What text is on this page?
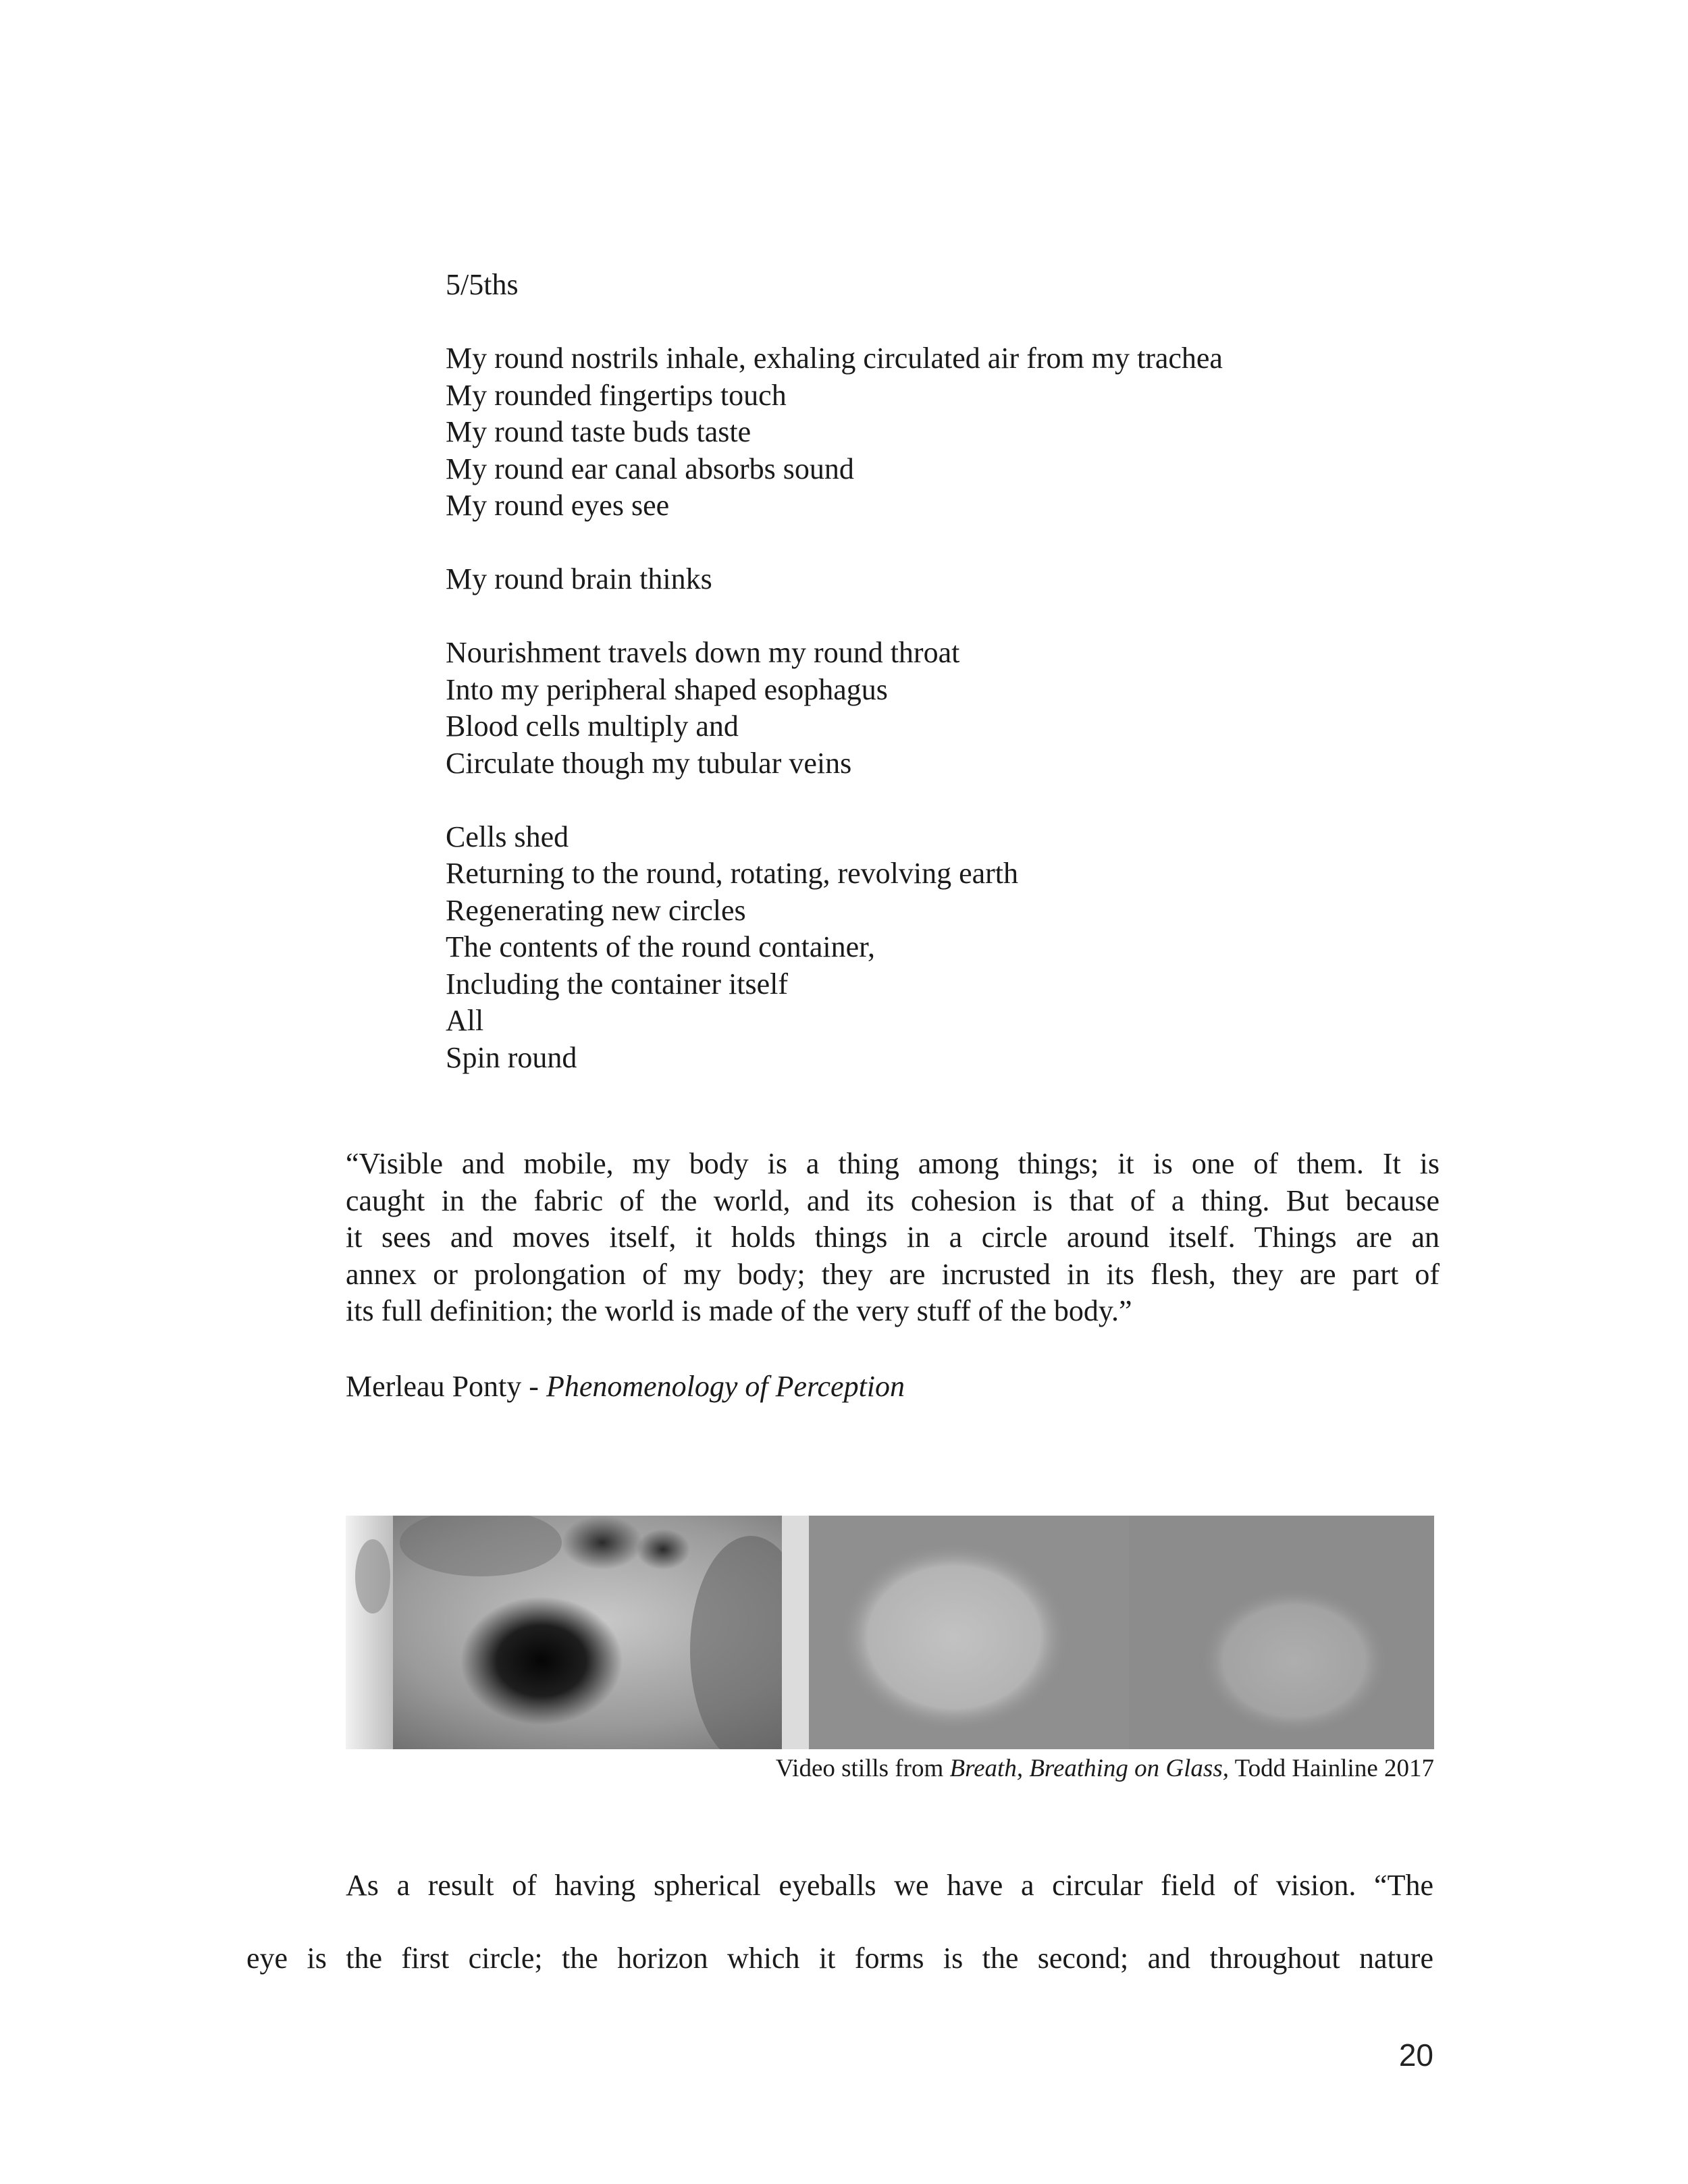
5/5ths
My round nostrils inhale, exhaling circulated air from my trachea
My rounded fingertips touch
My round taste buds taste
My round ear canal absorbs sound
My round eyes see
My round brain thinks
Nourishment travels down my round throat
Into my peripheral shaped esophagus
Blood cells multiply and
Circulate though my tubular veins
Cells shed
Returning to the round, rotating, revolving earth
Regenerating new circles
The contents of the round container,
Including the container itself
All
Spin round
“Visible and mobile, my body is a thing among things; it is one of them. It is
caught in the fabric of the world, and its cohesion is that of a thing. But because
it sees and moves itself, it holds things in a circle around itself. Things are an
annex or prolongation of my body; they are incrusted in its flesh, they are part of
its full definition; the world is made of the very stuff of the body.”
Merleau Ponty - Phenomenology of Perception
Video stills from Breath, Breathing on Glass, Todd Hainline 2017
As a result of having spherical eyeballs we have a circular field of vision. “The
eye is the first circle; the horizon which it forms is the second; and throughout nature
20
